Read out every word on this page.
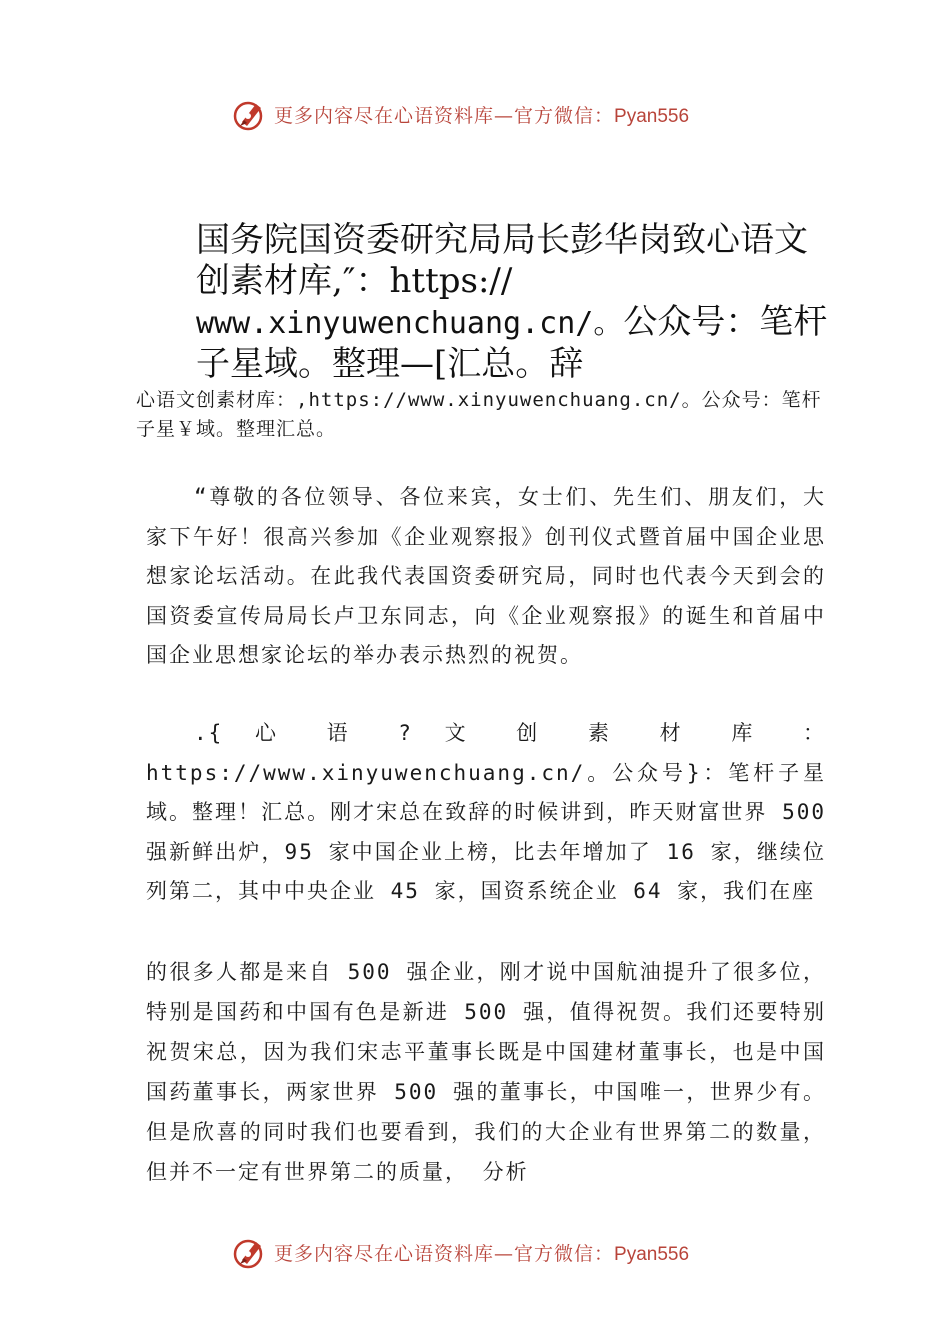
更多内容尽在心语资料库—官方微信：Pyan556
国务院国资委研究局局长彭华岗致心语文创素材库,″：https:// www.xinyuwenchuang.cn/。公众号：笔杆子星域。整理—[汇总。辞

心语文创素材库：,https://www.xinyuwenchuang.cn/。公众号：笔杆子星￥域。整理汇总。

“尊敬的各位领导、各位来宾，女士们、先生们、朋友们，大家下午好！很高兴参加《企业观察报》创刊仪式暨首届中国企业思想家论坛活动。在此我代表国资委研究局，同时也代表今天到会的国资委宣传局局长卢卫东同志，向《企业观察报》的诞生和首届中国企业思想家论坛的举办表示热烈的祝贺。

.{ 心 语 ? 文 创 素 材 库 ： https://www.xinyuwenchuang.cn/。公众号}：笔杆子星域。整理！汇总。刚才宋总在致辞的时候讲到，昨天财富世界 500 强新鲜出炉，95 家中国企业上榜，比去年增加了 16 家，继续位列第二，其中中央企业 45 家，国资系统企业 64 家，我们在座

的很多人都是来自 500 强企业，刚才说中国航油提升了很多位，特别是国药和中国有色是新进 500 强，值得祝贺。我们还要特别祝贺宋总，因为我们宋志平董事长既是中国建材董事长，也是中国国药董事长，两家世界 500 强的董事长，中国唯一，世界少有。但是欣喜的同时我们也要看到，我们的大企业有世界第二的数量，但并不一定有世界第二的质量， 分析

更多内容尽在心语资料库—官方微信：Pyan556
